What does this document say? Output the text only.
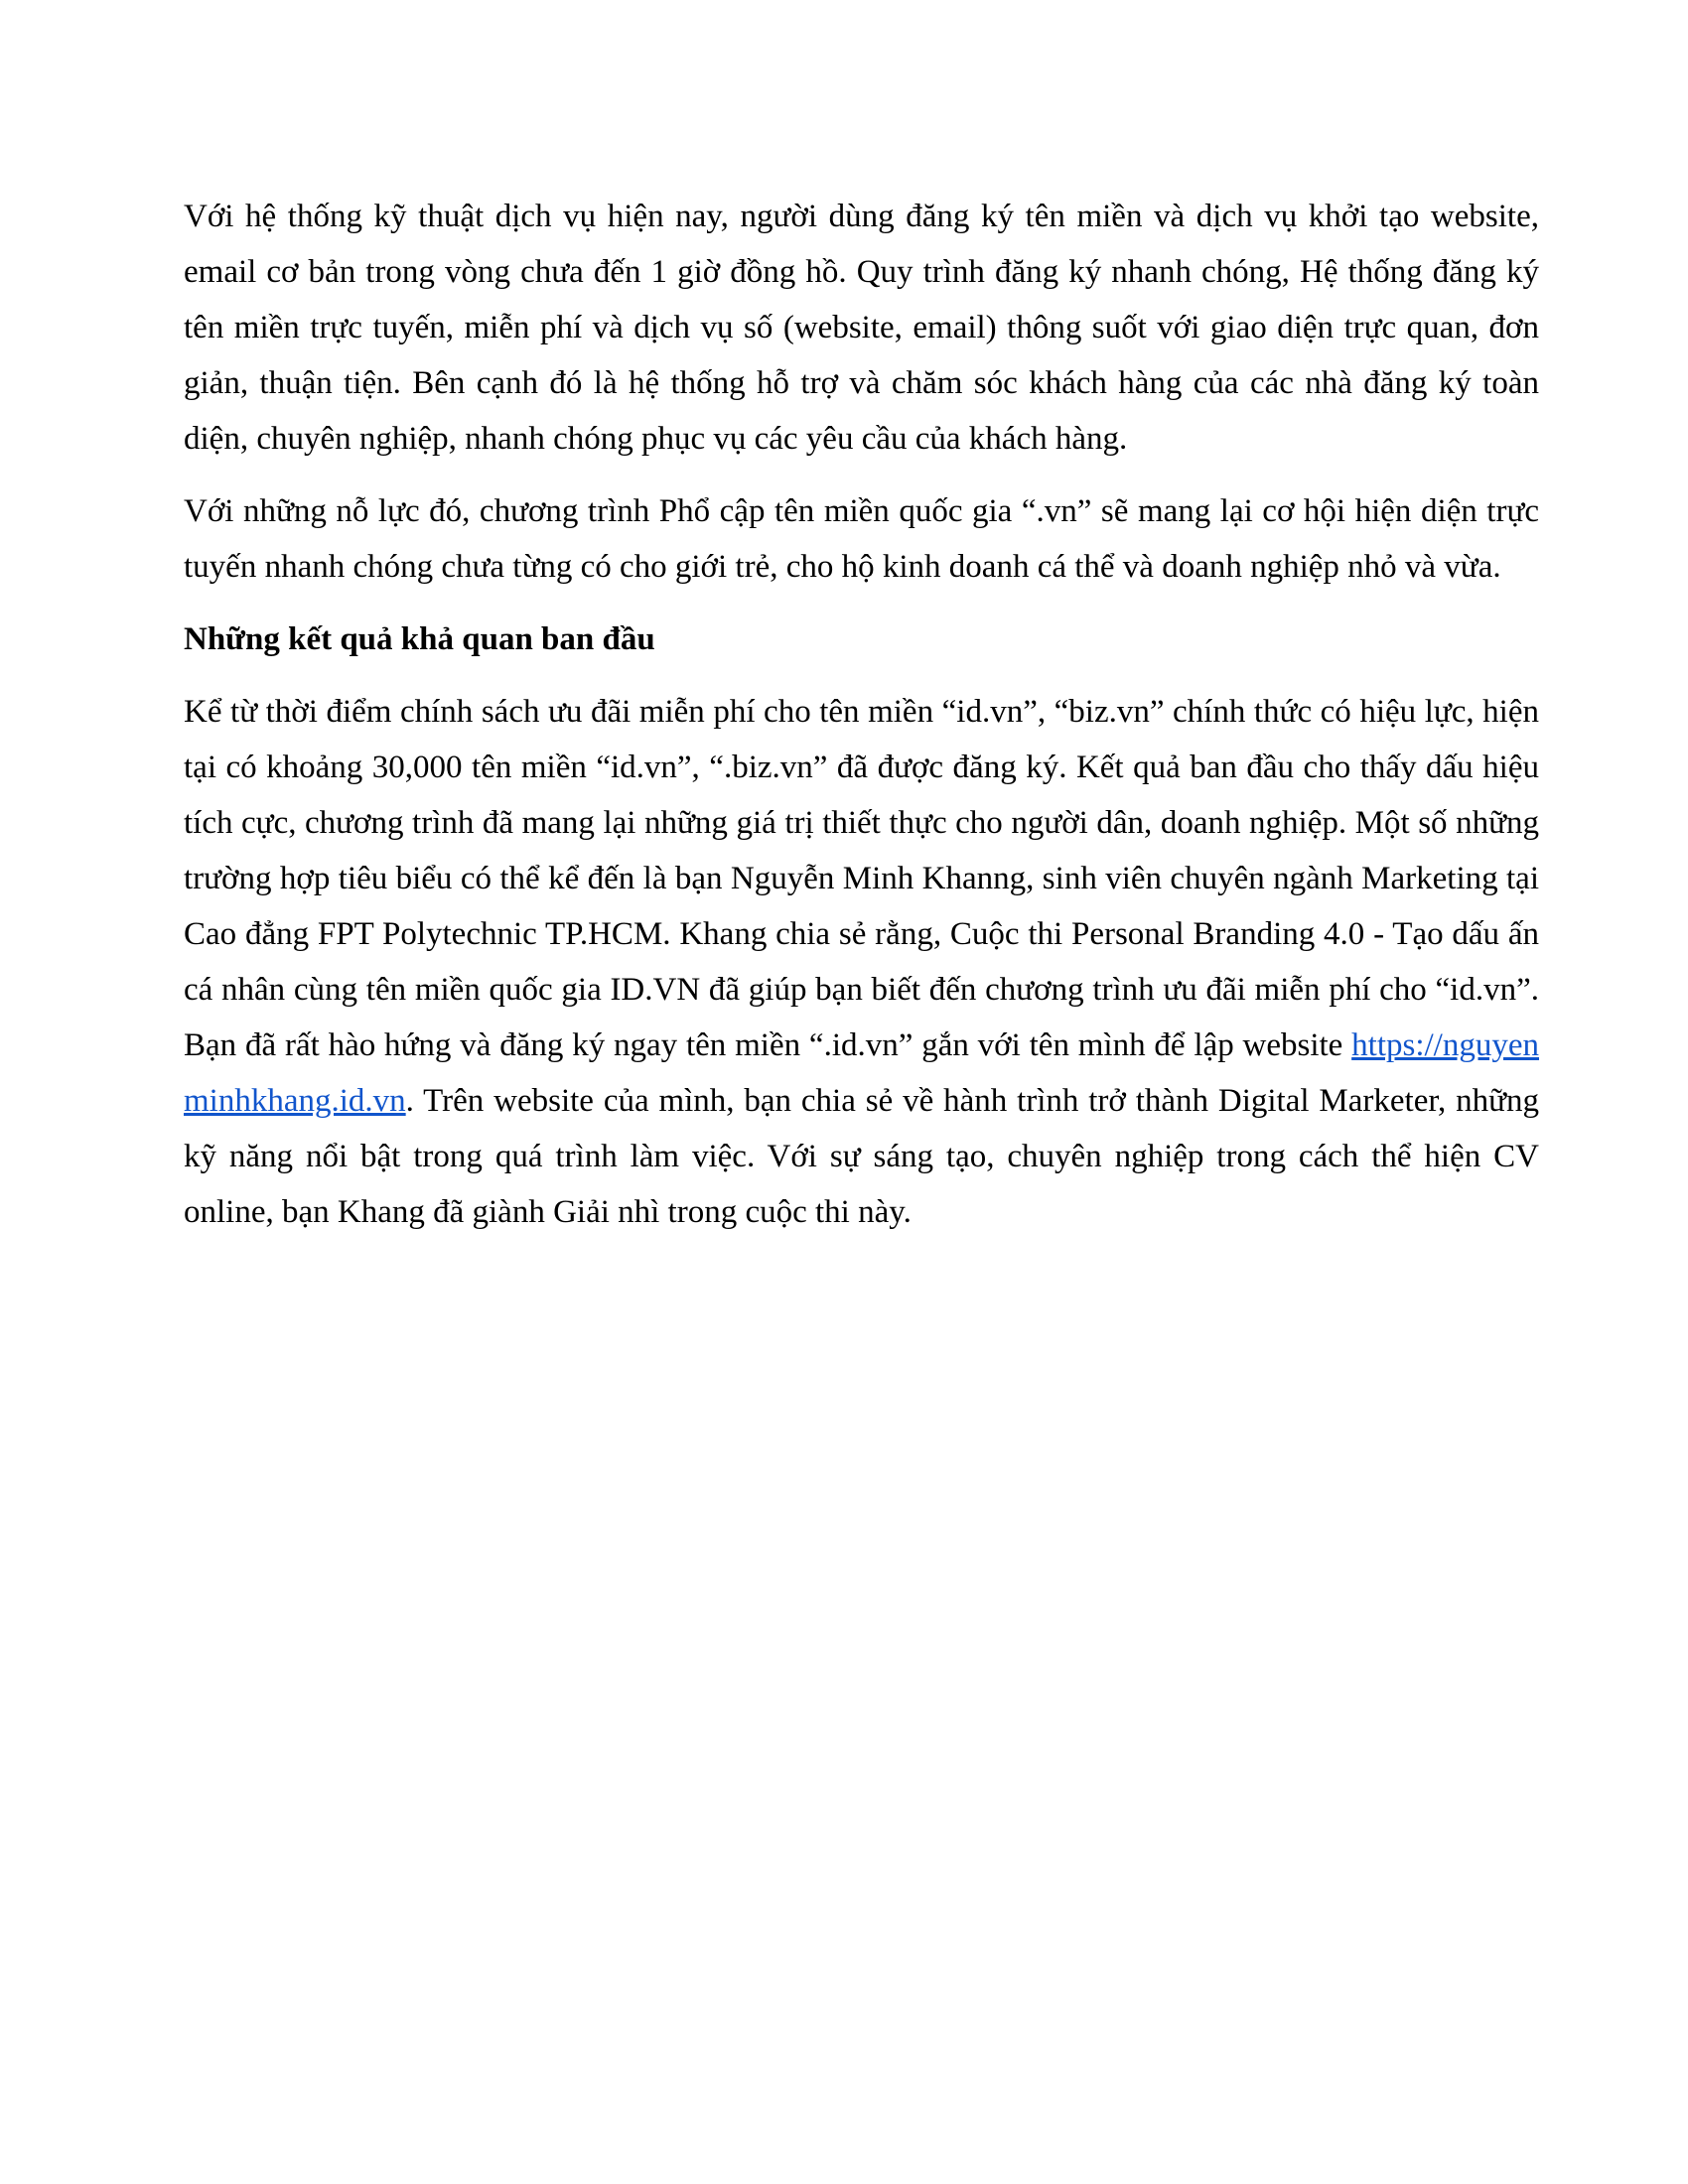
Với hệ thống kỹ thuật dịch vụ hiện nay, người dùng đăng ký tên miền và dịch vụ khởi tạo website, email cơ bản trong vòng chưa đến 1 giờ đồng hồ. Quy trình đăng ký nhanh chóng, Hệ thống đăng ký tên miền trực tuyến, miễn phí và dịch vụ số (website, email) thông suốt với giao diện trực quan, đơn giản, thuận tiện. Bên cạnh đó là hệ thống hỗ trợ và chăm sóc khách hàng của các nhà đăng ký toàn diện, chuyên nghiệp, nhanh chóng phục vụ các yêu cầu của khách hàng.

Với những nỗ lực đó, chương trình Phổ cập tên miền quốc gia “.vn” sẽ mang lại cơ hội hiện diện trực tuyến nhanh chóng chưa từng có cho giới trẻ, cho hộ kinh doanh cá thể và doanh nghiệp nhỏ và vừa.

Những kết quả khả quan ban đầu

Kể từ thời điểm chính sách ưu đãi miễn phí cho tên miền “id.vn”, “biz.vn” chính thức có hiệu lực, hiện tại có khoảng 30,000 tên miền “id.vn”, “.biz.vn” đã được đăng ký. Kết quả ban đầu cho thấy dấu hiệu tích cực, chương trình đã mang lại những giá trị thiết thực cho người dân, doanh nghiệp. Một số những trường hợp tiêu biểu có thể kể đến là bạn Nguyễn Minh Khanng, sinh viên chuyên ngành Marketing tại Cao đẳng FPT Polytechnic TP.HCM. Khang chia sẻ rằng, Cuộc thi Personal Branding 4.0 - Tạo dấu ấn cá nhân cùng tên miền quốc gia ID.VN đã giúp bạn biết đến chương trình ưu đãi miễn phí cho “id.vn”. Bạn đã rất hào hứng và đăng ký ngay tên miền “.id.vn” gắn với tên mình để lập website https://nguyenminhkhang.id.vn. Trên website của mình, bạn chia sẻ về hành trình trở thành Digital Marketer, những kỹ năng nổi bật trong quá trình làm việc. Với sự sáng tạo, chuyên nghiệp trong cách thể hiện CV online, bạn Khang đã giành Giải nhì trong cuộc thi này.
